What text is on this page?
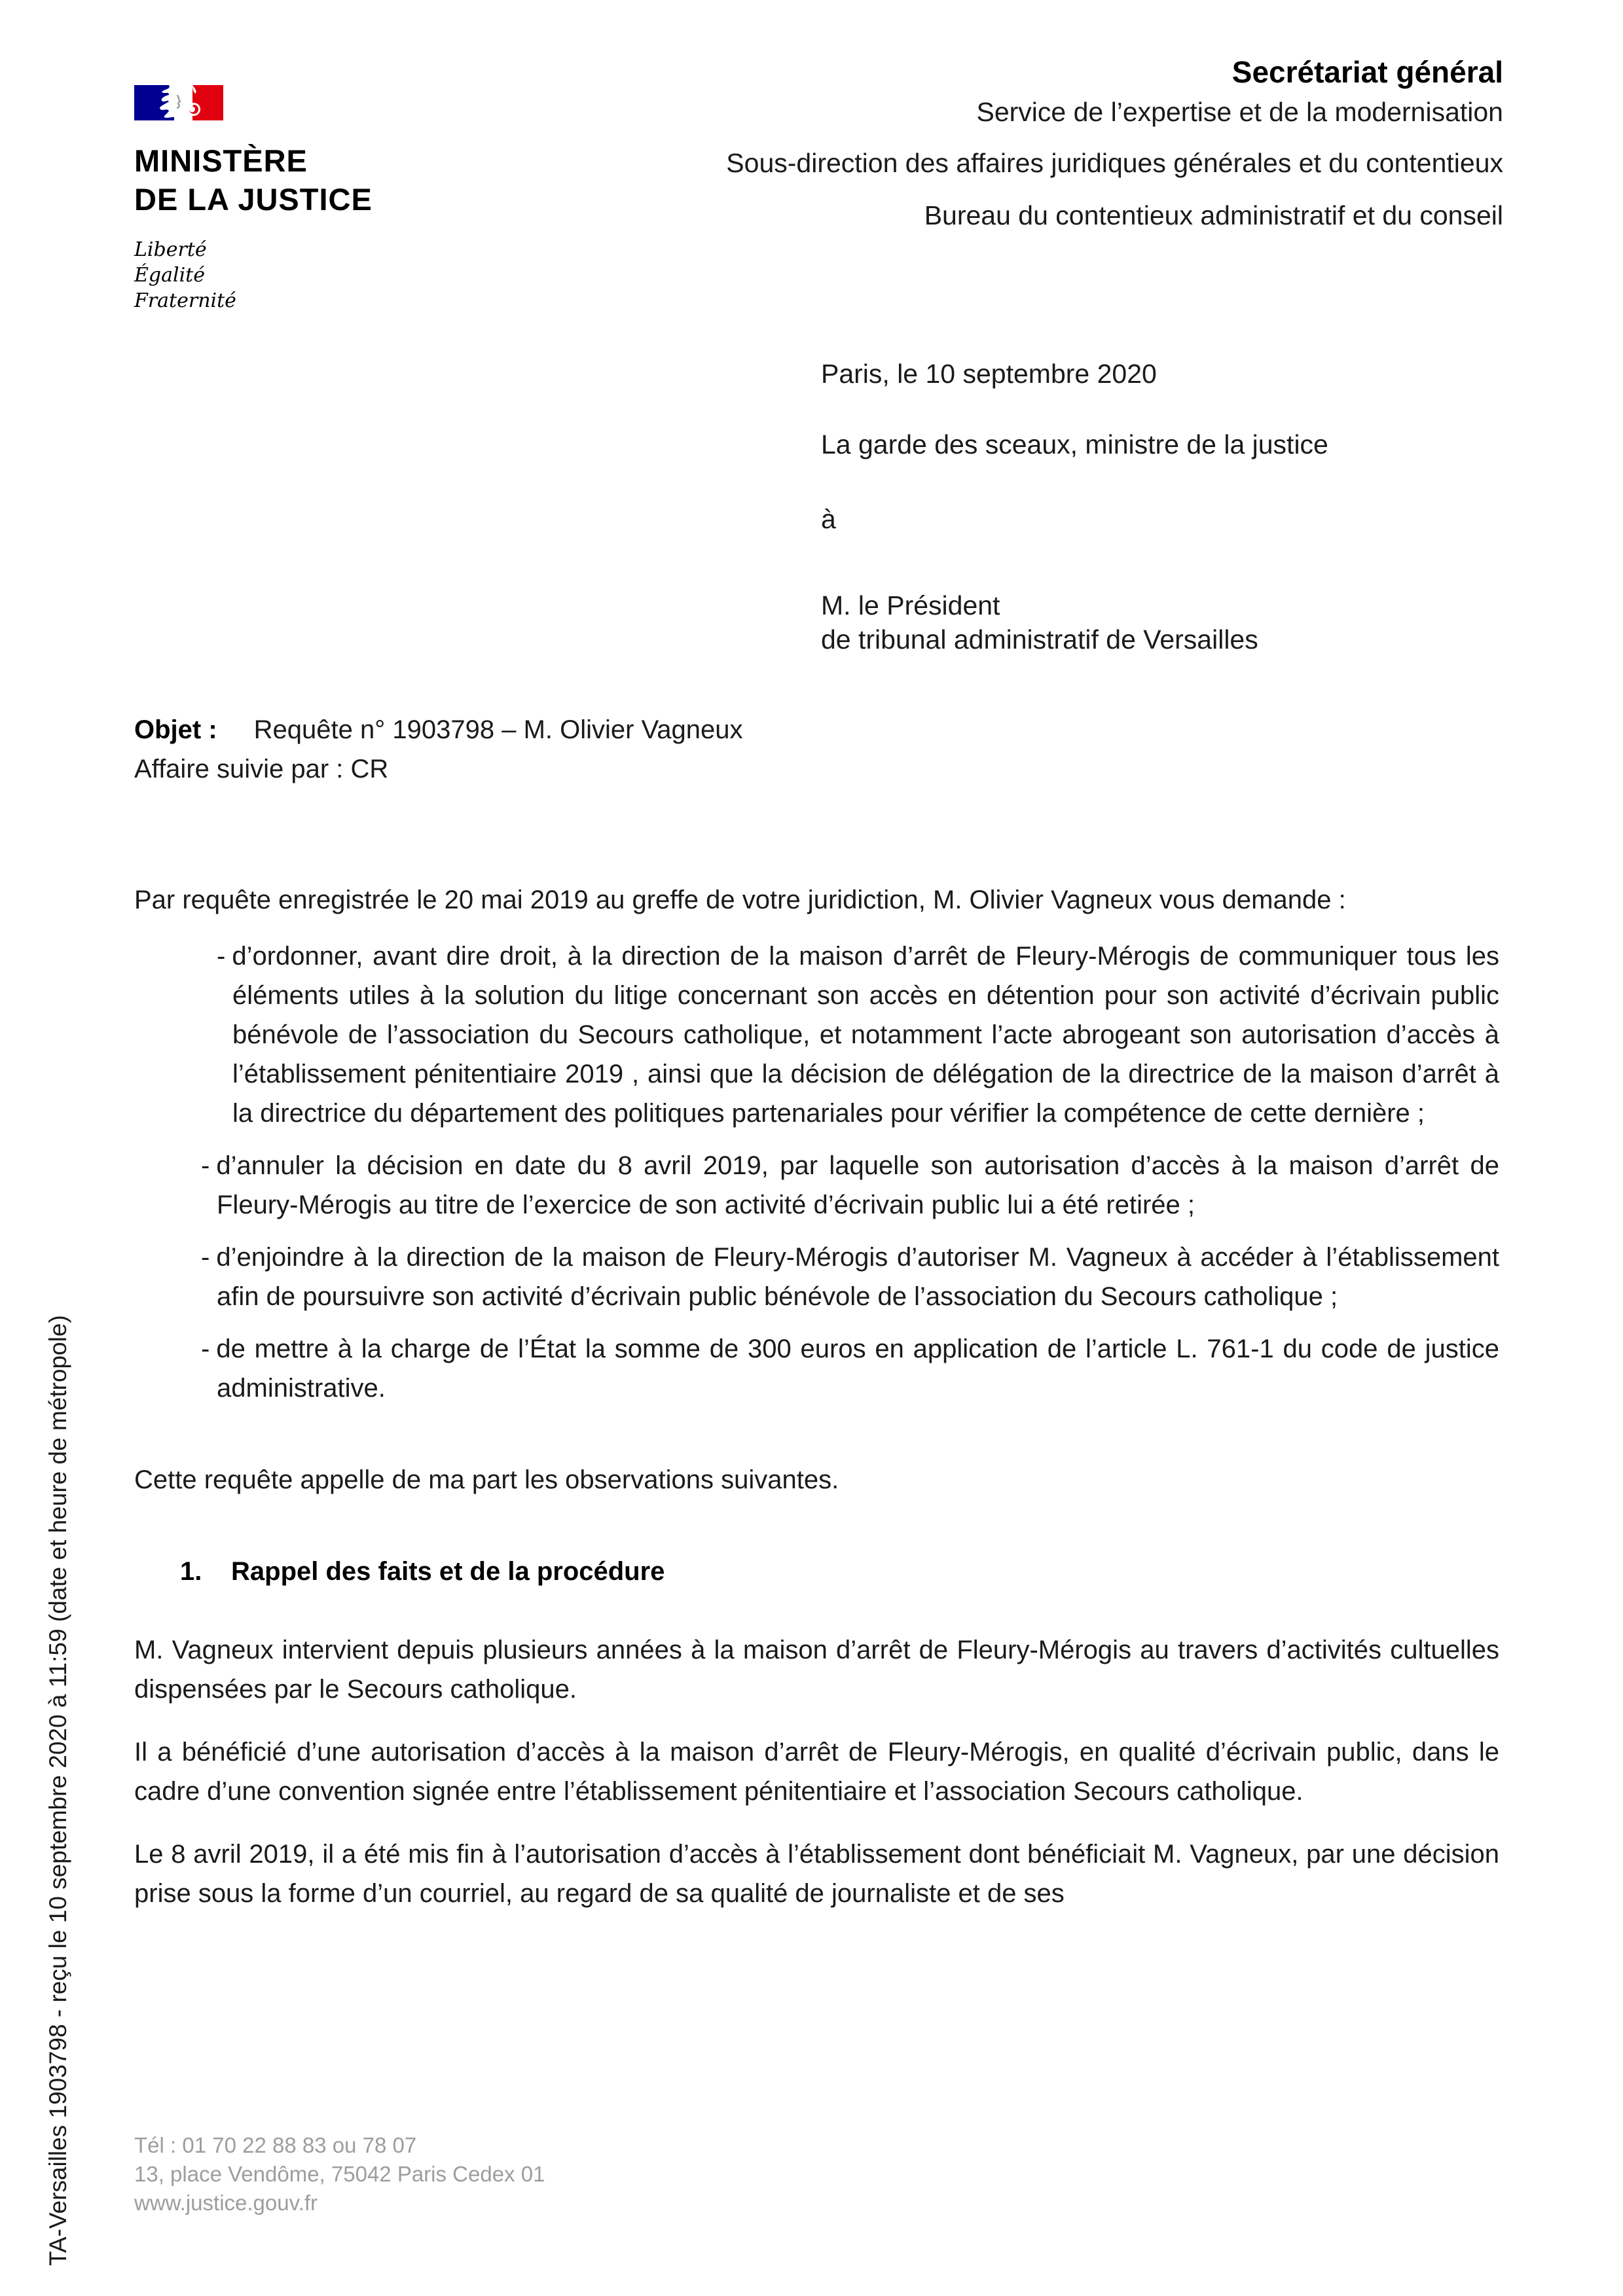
MINISTÈRE
DE LA JUSTICE
Liberté
Égalité
Fraternité
Secrétariat général
Service de l’expertise et de la modernisation
Sous-direction des affaires juridiques générales et du contentieux
Bureau du contentieux administratif et du conseil
Paris, le 10 septembre 2020
La garde des sceaux, ministre de la justice
à
M. le Président
de tribunal administratif de Versailles
Objet : Requête n° 1903798 – M. Olivier Vagneux
Affaire suivie par : CR

Par requête enregistrée le 20 mai 2019 au greffe de votre juridiction, M. Olivier Vagneux vous demande :

- d’ordonner, avant dire droit, à la direction de la maison d’arrêt de Fleury-Mérogis de communiquer tous les éléments utiles à la solution du litige concernant son accès en détention pour son activité d’écrivain public bénévole de l’association du Secours catholique, et notamment l’acte abrogeant son autorisation d’accès à l’établissement pénitentiaire 2019 , ainsi que la décision de délégation de la directrice de la maison d’arrêt à la directrice du département des politiques partenariales pour vérifier la compétence de cette dernière ;
- d’annuler la décision en date du 8 avril 2019, par laquelle son autorisation d’accès à la maison d’arrêt de Fleury-Mérogis au titre de l’exercice de son activité d’écrivain public lui a été retirée ;
- d’enjoindre à la direction de la maison de Fleury-Mérogis d’autoriser M. Vagneux à accéder à l’établissement afin de poursuivre son activité d’écrivain public bénévole de l’association du Secours catholique ;
- de mettre à la charge de l’État la somme de 300 euros en application de l’article L. 761-1 du code de justice administrative.

Cette requête appelle de ma part les observations suivantes.

1. Rappel des faits et de la procédure

M. Vagneux intervient depuis plusieurs années à la maison d’arrêt de Fleury-Mérogis au travers d’activités cultuelles dispensées par le Secours catholique.

Il a bénéficié d’une autorisation d’accès à la maison d’arrêt de Fleury-Mérogis, en qualité d’écrivain public, dans le cadre d’une convention signée entre l’établissement pénitentiaire et l’association Secours catholique.

Le 8 avril 2019, il a été mis fin à l’autorisation d’accès à l’établissement dont bénéficiait M. Vagneux, par une décision prise sous la forme d’un courriel, au regard de sa qualité de journaliste et de ses

TA-Versailles 1903798 - reçu le 10 septembre 2020 à 11:59 (date et heure de métropole)	Tél : 01 70 22 88 83 ou 78 07
13, place Vendôme, 75042 Paris Cedex 01
www.justice.gouv.fr
